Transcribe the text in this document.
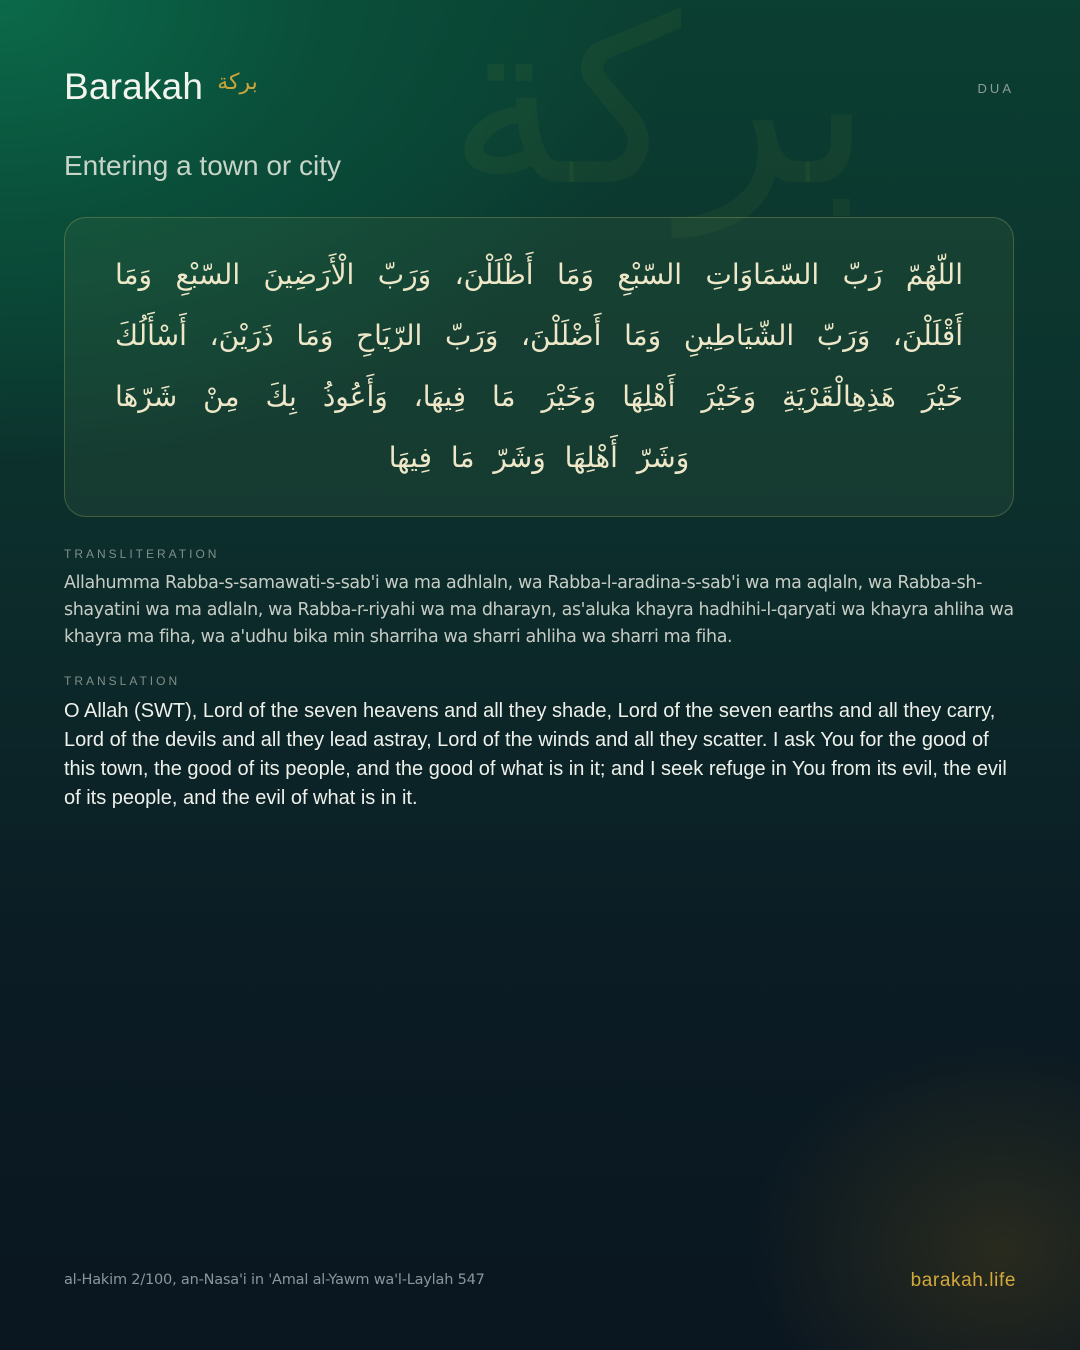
بركة
Barakah بركة	DUA
Entering a town or city

اللّهُمّ رَبّ السّمَاوَاتِ السّبْعِ وَمَا أَظْلَلْنَ، وَرَبّ الْأَرَضِينَ السّبْعِ وَمَا أَقْلَلْنَ، وَرَبّ الشّيَاطِينِ وَمَا أَضْلَلْنَ، وَرَبّ الرّيَاحِ وَمَا ذَرَيْنَ، أَسْأَلُكَ خَيْرَ هَذِهِالْقَرْيَةِ وَخَيْرَ أَهْلِهَا وَخَيْرَ مَا فِيهَا، وَأَعُوذُ بِكَ مِنْ شَرّهَا وَشَرّ أَهْلِهَا وَشَرّ مَا فِيهَا

TRANSLITERATION

Allahumma Rabba-s-samawati-s-sab'i wa ma adhlaln, wa Rabba-l-aradina-s-sab'i wa ma aqlaln, wa Rabba-sh-shayatini wa ma adlaln, wa Rabba-r-riyahi wa ma dharayn, as'aluka khayra hadhihi-l-qaryati wa khayra ahliha wa khayra ma fiha, wa a'udhu bika min sharriha wa sharri ahliha wa sharri ma fiha.

TRANSLATION

O Allah (SWT), Lord of the seven heavens and all they shade, Lord of the seven earths and all they carry, Lord of the devils and all they lead astray, Lord of the winds and all they scatter. I ask You for the good of this town, the good of its people, and the good of what is in it; and I seek refuge in You from its evil, the evil of its people, and the evil of what is in it.

al-Hakim 2/100, an-Nasa'i in 'Amal al-Yawm wa'l-Laylah 547	barakah.life
